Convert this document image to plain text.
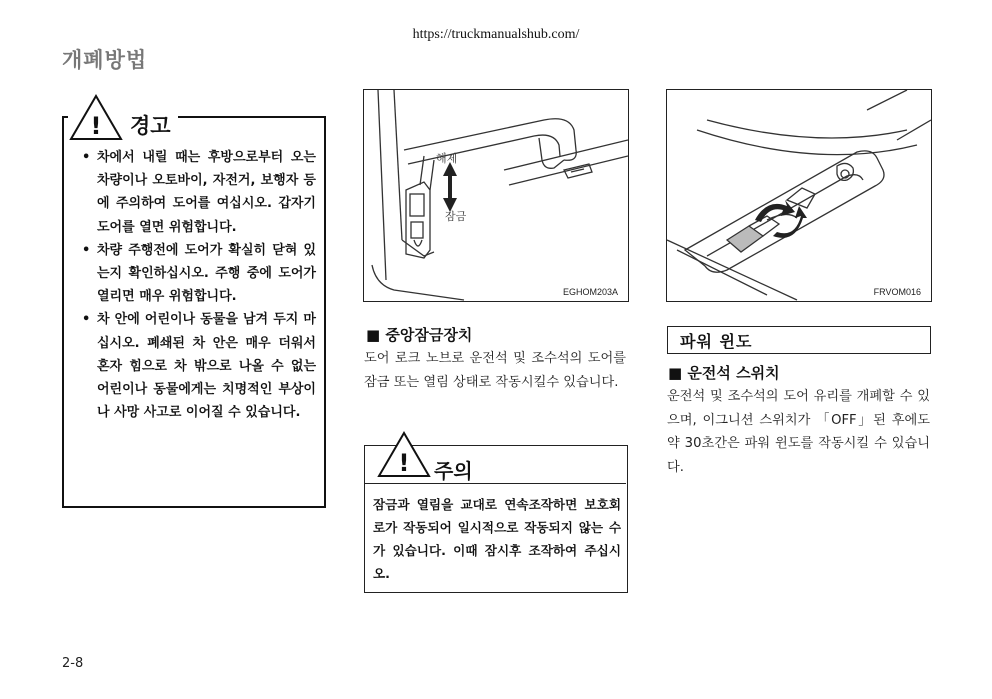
https://truckmanualshub.com/
개폐방법
! 경고
• 차에서 내릴 때는 후방으로부터 오는 차량이나 오토바이, 자전거, 보행자 등에 주의하여 도어를 여십시오. 갑자기 도어를 열면 위험합니다.
• 차량 주행전에 도어가 확실히 닫혀 있는지 확인하십시오. 주행 중에 도어가 열리면 매우 위험합니다.
• 차 안에 어린이나 동물을 남겨 두지 마십시오. 폐쇄된 차 안은 매우 더워서 혼자 힘으로 차 밖으로 나올 수 없는 어린이나 동물에게는 치명적인 부상이나 사망 사고로 이어질 수 있습니다.
해제
잠금
EGHOM203A
■ 중앙잠금장치
도어 로크 노브로 운전석 및 조수석의 도어를 잠금 또는 열림 상태로 작동시킬수 있습니다.
! 주의
잠금과 열림을 교대로 연속조작하면 보호회로가 작동되어 일시적으로 작동되지 않는 수가 있습니다. 이때 잠시후 조작하여 주십시오.
FRVOM016
파워 윈도
■ 운전석 스위치
운전석 및 조수석의 도어 유리를 개폐할 수 있으며, 이그니션 스위치가 「OFF」된 후에도 약 30초간은 파워 윈도를 작동시킬 수 있습니다.
2-8
